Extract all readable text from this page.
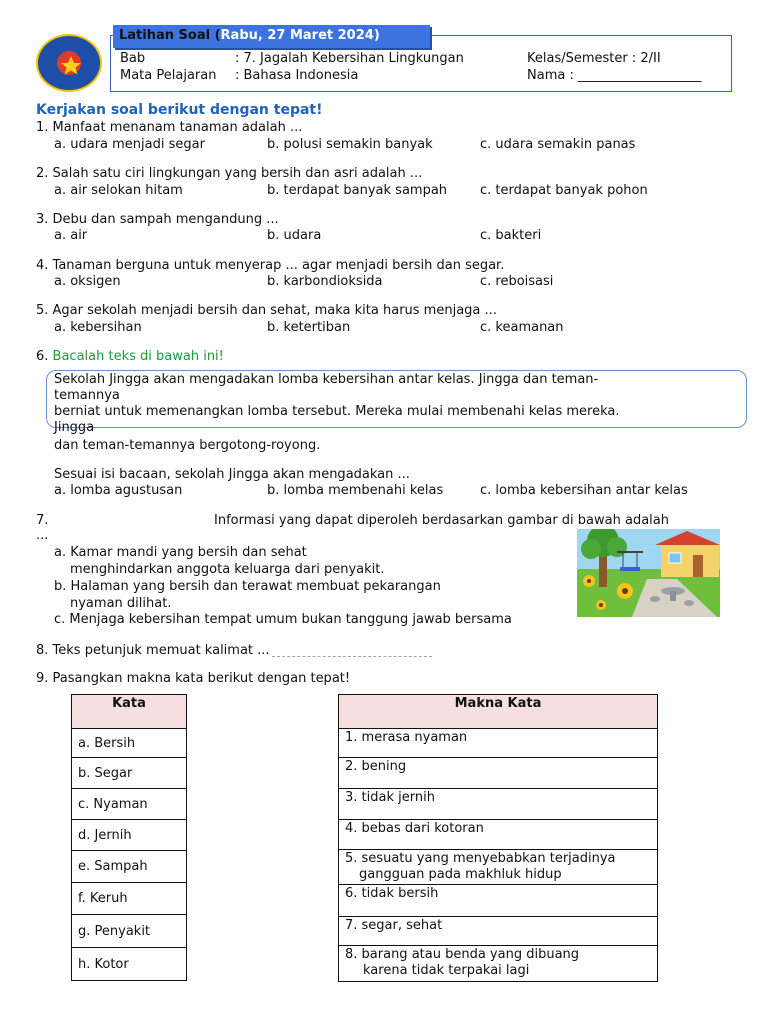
Latihan Soal (Rabu, 27 Maret 2024)
Bab	: 7. Jagalah Kebersihan Lingkungan	Kelas/Semester : 2/II
Mata Pelajaran : Bahasa Indonesia	Nama : ___________________
Kerjakan soal berikut dengan tepat!
1. Manfaat menanam tanaman adalah ...
a. udara menjadi segar	b. polusi semakin banyak	c. udara semakin panas
2. Salah satu ciri lingkungan yang bersih dan asri adalah ...
a. air selokan hitam	b. terdapat banyak sampah	c. terdapat banyak pohon
3. Debu dan sampah mengandung ...
a. air	b. udara	c. bakteri
4. Tanaman berguna untuk menyerap ... agar menjadi bersih dan segar.
a. oksigen	b. karbondioksida	c. reboisasi
5. Agar sekolah menjadi bersih dan sehat, maka kita harus menjaga ...
a. kebersihan	b. ketertiban	c. keamanan
6. Bacalah teks di bawah ini!
Sekolah Jingga akan mengadakan lomba kebersihan antar kelas. Jingga dan teman-
temannya
berniat untuk memenangkan lomba tersebut. Mereka mulai membenahi kelas mereka.
Jingga
dan teman-temannya bergotong-royong.
Sesuai isi bacaan, sekolah Jingga akan mengadakan ...
a. lomba agustusan	b. lomba membenahi kelas	c. lomba kebersihan antar kelas
7.	Informasi yang dapat diperoleh berdasarkan gambar di bawah adalah
...
a. Kamar mandi yang bersih dan sehat
menghindarkan anggota keluarga dari penyakit.
b. Halaman yang bersih dan terawat membuat pekarangan
nyaman dilihat.
c. Menjaga kebersihan tempat umum bukan tanggung jawab bersama
8. Teks petunjuk memuat kalimat ...
9. Pasangkan makna kata berikut dengan tepat!
Kata
a. Bersih
b. Segar
c. Nyaman
d. Jernih
e. Sampah
f. Keruh
g. Penyakit
h. Kotor
Makna Kata
1. merasa nyaman
2. bening
3. tidak jernih
4. bebas dari kotoran
5. sesuatu yang menyebabkan terjadinya
gangguan pada makhluk hidup
6. tidak bersih
7. segar, sehat
8. barang atau benda yang dibuang
karena tidak terpakai lagi
